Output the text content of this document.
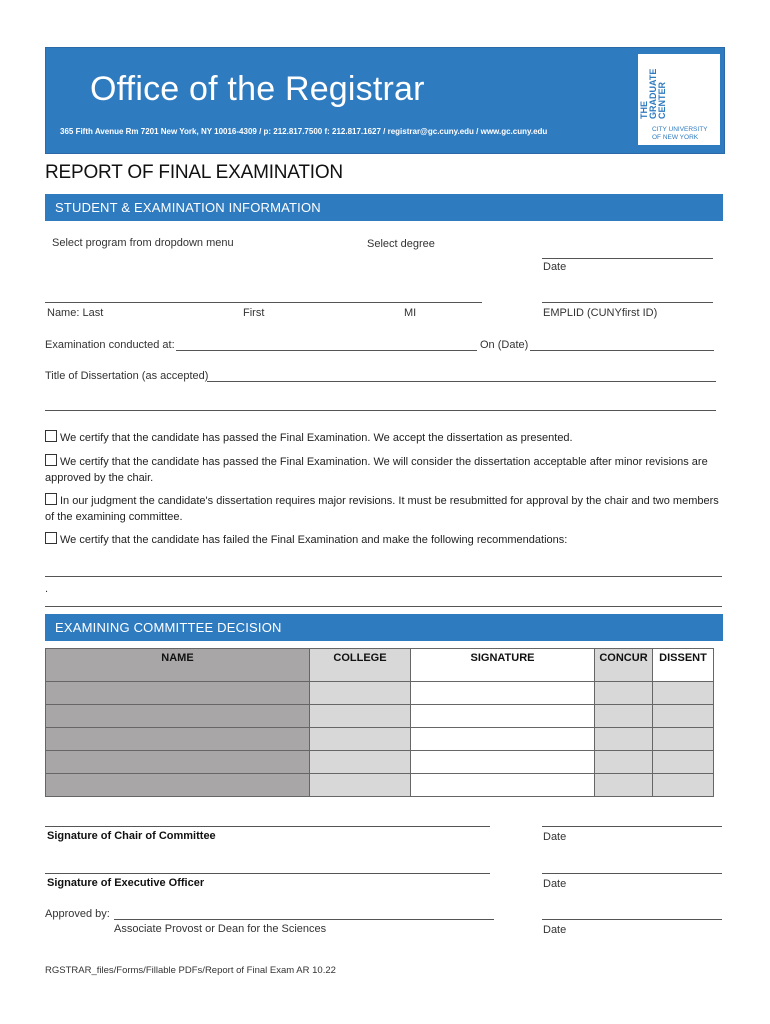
Office of the Registrar
365 Fifth Avenue Rm 7201 New York, NY 10016-4309 / p: 212.817.7500 f: 212.817.1627 / registrar@gc.cuny.edu / www.gc.cuny.edu
THE GRADUATE CENTER
CITY UNIVERSITY
OF NEW YORK
REPORT OF FINAL EXAMINATION
STUDENT & EXAMINATION INFORMATION
Select program from dropdown menu	Select degree
Date
Name: Last	First	MI	EMPLID (CUNYfirst ID)
Examination conducted at:	On (Date)
Title of Dissertation (as accepted)
We certify that the candidate has passed the Final Examination. We accept the dissertation as presented.
We certify that the candidate has passed the Final Examination. We will consider the dissertation acceptable after minor revisions are approved by the chair.
In our judgment the candidate's dissertation requires major revisions. It must be resubmitted for approval by the chair and two members of the examining committee.
We certify that the candidate has failed the Final Examination and make the following recommendations:
.
EXAMINING COMMITTEE DECISION
NAME	COLLEGE	SIGNATURE	CONCUR	DISSENT

Signature of Chair of Committee	Date
Signature of Executive Officer	Date
Approved by:
Associate Provost or Dean for the Sciences	Date
RGSTRAR_files/Forms/Fillable PDFs/Report of Final Exam AR 10.22
